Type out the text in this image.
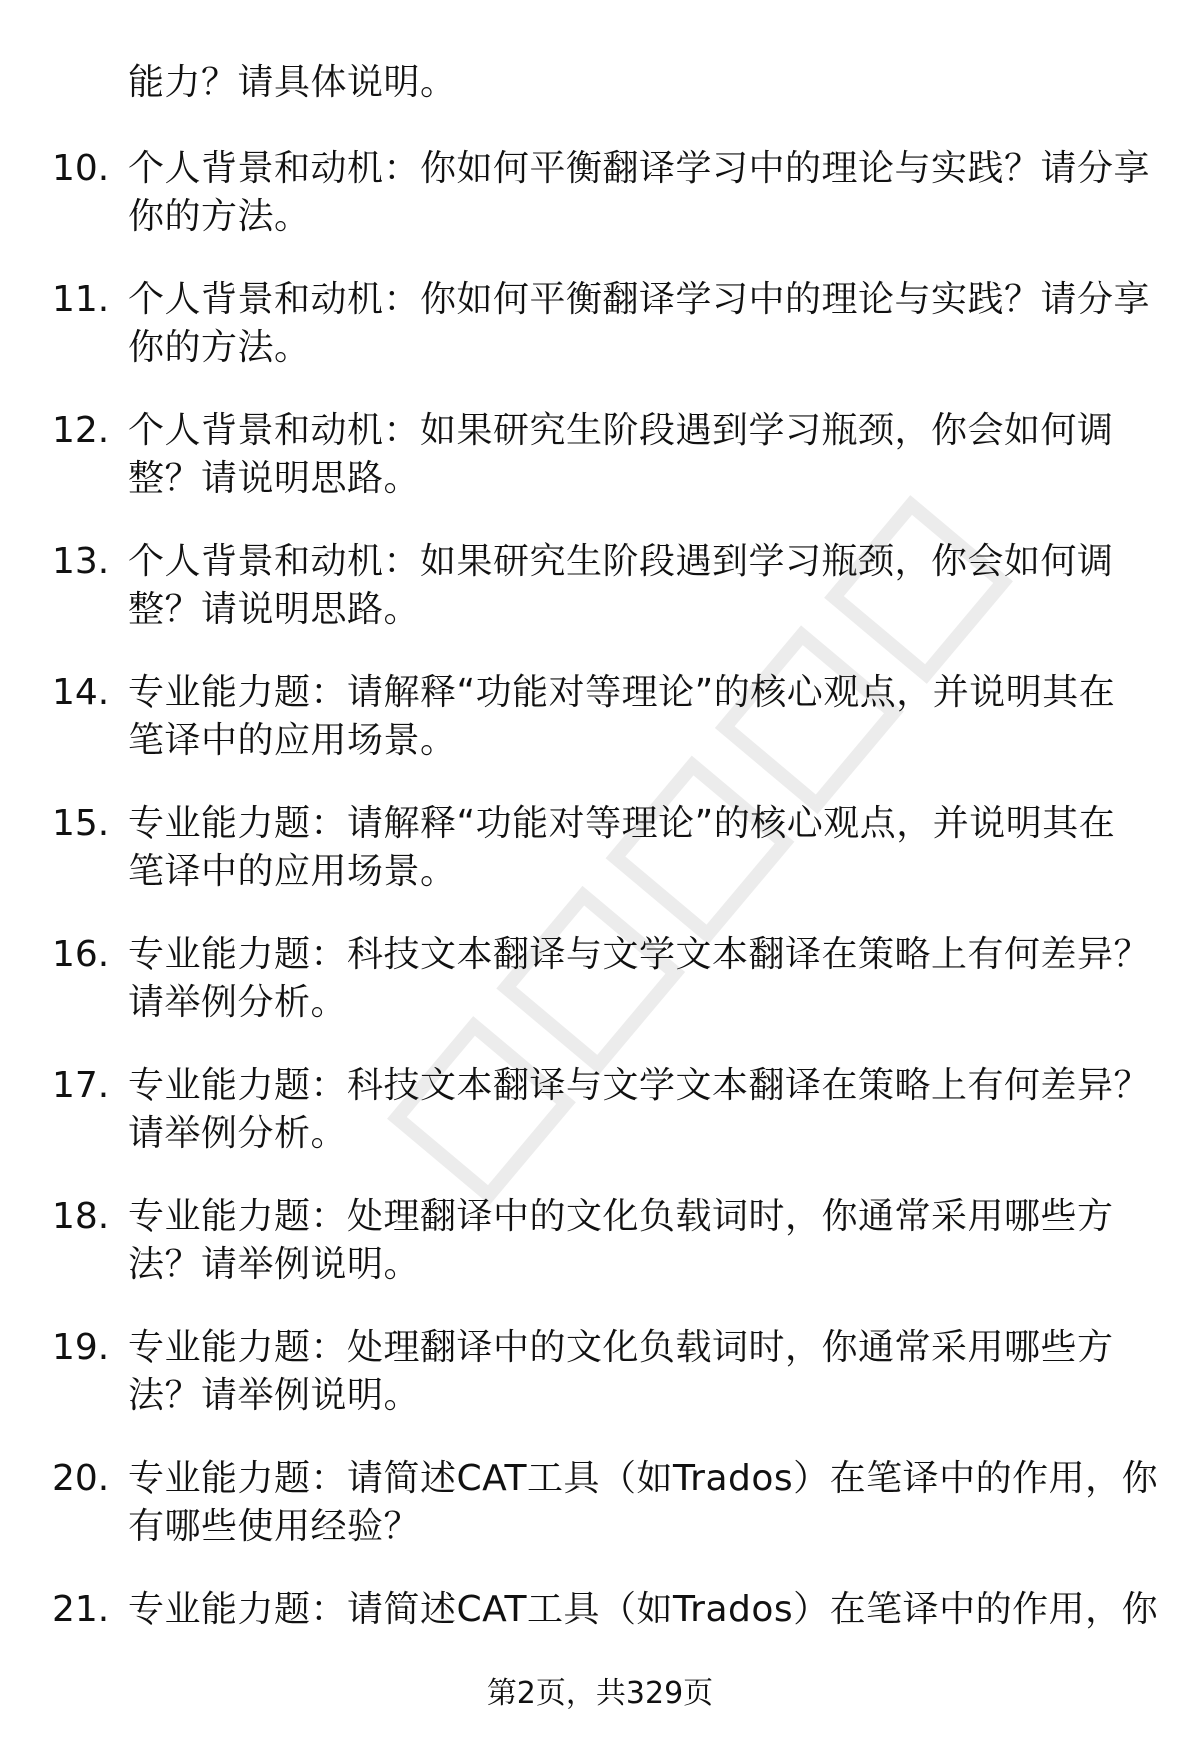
能力？请具体说明。
10. 个人背景和动机：你如何平衡翻译学习中的理论与实践？请分享
你的方法。
11. 个人背景和动机：你如何平衡翻译学习中的理论与实践？请分享
你的方法。
12. 个人背景和动机：如果研究生阶段遇到学习瓶颈，你会如何调
整？请说明思路。
13. 个人背景和动机：如果研究生阶段遇到学习瓶颈，你会如何调
整？请说明思路。
14. 专业能力题：请解释“功能对等理论”的核心观点，并说明其在
笔译中的应用场景。
15. 专业能力题：请解释“功能对等理论”的核心观点，并说明其在
笔译中的应用场景。
16. 专业能力题：科技文本翻译与文学文本翻译在策略上有何差异？
请举例分析。
17. 专业能力题：科技文本翻译与文学文本翻译在策略上有何差异？
请举例分析。
18. 专业能力题：处理翻译中的文化负载词时，你通常采用哪些方
法？请举例说明。
19. 专业能力题：处理翻译中的文化负载词时，你通常采用哪些方
法？请举例说明。
20. 专业能力题：请简述CAT工具（如Trados）在笔译中的作用，你
有哪些使用经验？
21. 专业能力题：请简述CAT工具（如Trados）在笔译中的作用，你
第2页，共329页
